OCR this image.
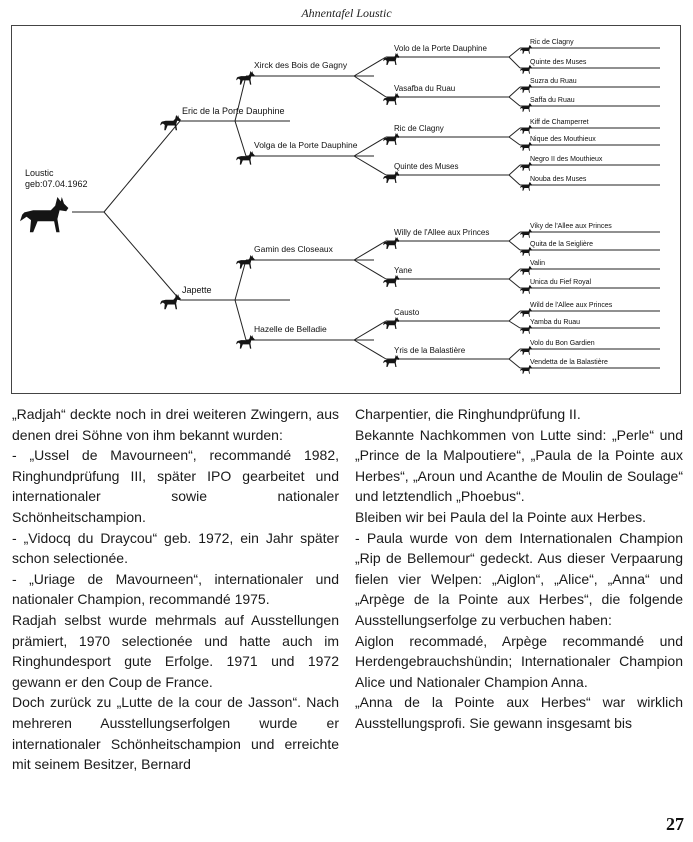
Ahnentafel Loustic
Loustic
geb:07.04.1962
Eric de la Porte Dauphine
Japette
Xirck des Bois de Gagny
Volga de la Porte Dauphine
Gamin des Closeaux
Hazelle de Belladie
Volo de la Porte Dauphine
Vasafba du Ruau
Ric de Clagny
Quinte des Muses
Willy de l'Allee aux Princes
Yane
Causto
Yris de la Balastière
Ric de Clagny
Quinte des Muses
Suzra du Ruau
Saffa du Ruau
Kiff de Champerret
Nique des Mouthieux
Negro II des Mouthieux
Nouba des Muses
Viky de l'Allee aux Princes
Quita de la Seiglière
Valin
Unica du Fief Royal
Wild de l'Allee aux Princes
Yamba du Ruau
Volo du Bon Gardien
Vendetta de la Balastière

„Radjah“ deckte noch in drei weiteren Zwingern, aus denen drei Söhne von ihm bekannt wurden:

- „Ussel de Mavourneen“, recommandé 1982, Ringhundprüfung III, später IPO gearbeitet und internationaler sowie nationaler Schönheitschampion.

- „Vidocq du Draycou“ geb. 1972, ein Jahr später schon selectionée.

- „Uriage de Mavourneen“, internationaler und nationaler Champion, recommandé 1975.

Radjah selbst wurde mehrmals auf Ausstellungen prämiert, 1970 selectionée und hatte auch im Ringhundesport gute Erfolge. 1971 und 1972 gewann er den Coup de France.

Doch zurück zu „Lutte de la cour de Jasson“. Nach mehreren Ausstellungserfolgen wurde er internationaler Schönheitschampion und erreichte mit seinem Besitzer, Bernard

Charpentier, die Ringhundprüfung II.

Bekannte Nachkommen von Lutte sind: „Perle“ und „Prince de la Malpoutiere“, „Paula de la Pointe aux Herbes“, „Aroun und Acanthe de Moulin de Soulage“ und letztendlich „Phoebus“.

Bleiben wir bei Paula del la Pointe aux Herbes.

- Paula wurde von dem Internationalen Champion „Rip de Bellemour“ gedeckt. Aus dieser Verpaarung fielen vier Welpen: „Aiglon“, „Alice“, „Anna“ und „Arpège de la Pointe aux Herbes“, die folgende Ausstellungserfolge zu verbuchen haben:

Aiglon recommadé, Arpège recommandé und Herdengebrauchshündin; Internationaler Champion Alice und Nationaler Champion Anna.

„Anna de la Pointe aux Herbes“ war wirklich Ausstellungsprofi. Sie gewann insgesamt bis

27
